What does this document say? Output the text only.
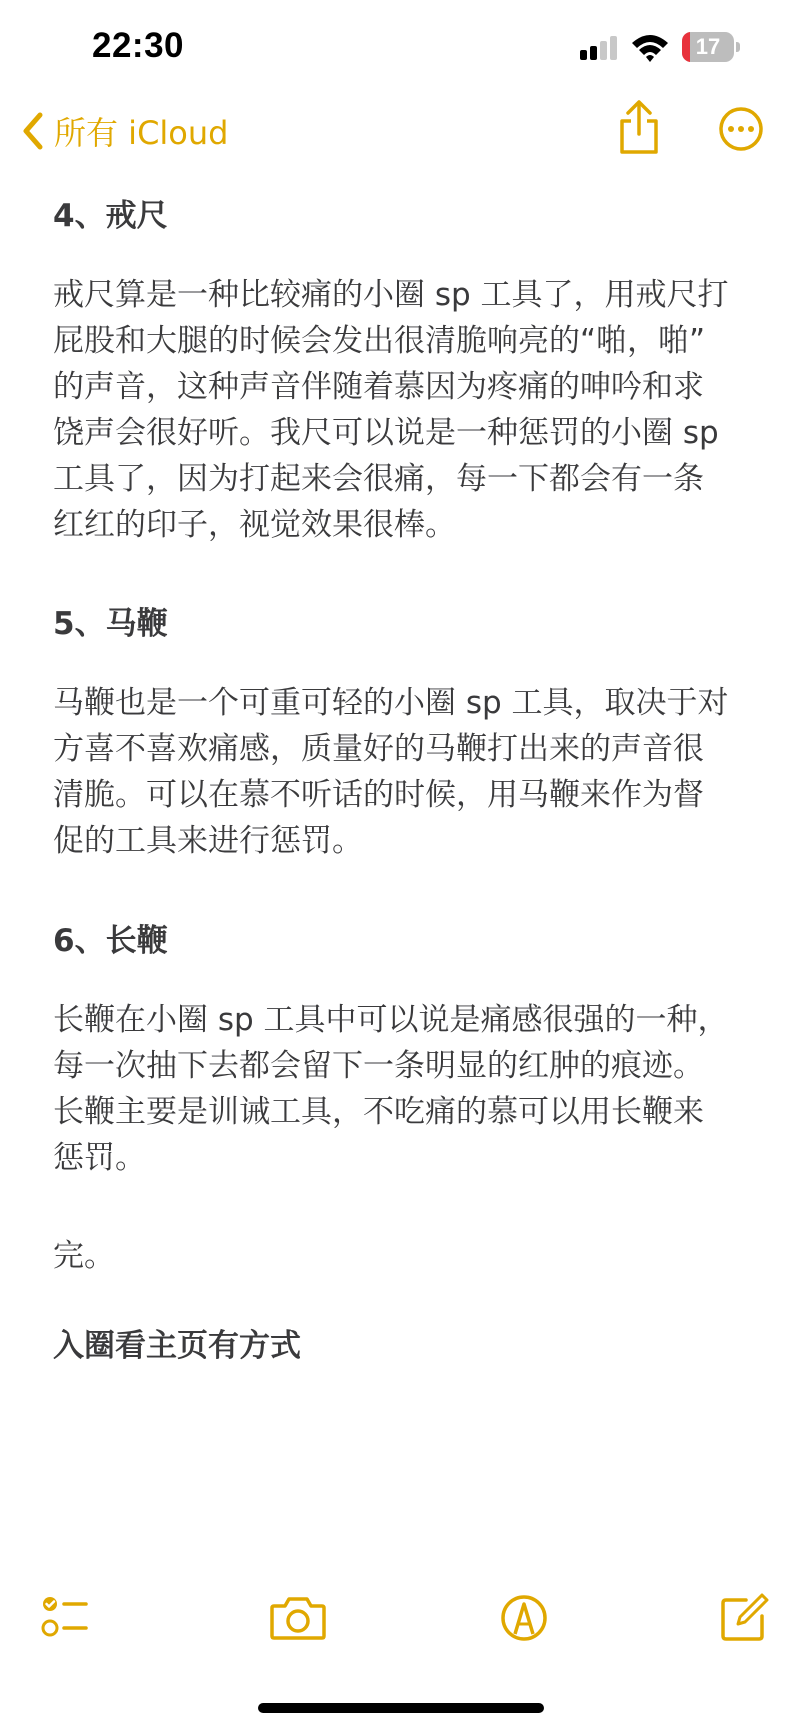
22:30	17
所有 iCloud
4、戒尺

戒尺算是一种比较痛的小圈 sp 工具了，用戒尺打
屁股和大腿的时候会发出很清脆响亮的“啪，啪”
的声音，这种声音伴随着慕因为疼痛的呻吟和求
饶声会很好听。我尺可以说是一种惩罚的小圈 sp
工具了，因为打起来会很痛，每一下都会有一条
红红的印子，视觉效果很棒。

5、马鞭

马鞭也是一个可重可轻的小圈 sp 工具，取决于对
方喜不喜欢痛感，质量好的马鞭打出来的声音很
清脆。可以在慕不听话的时候，用马鞭来作为督
促的工具来进行惩罚。

6、长鞭

长鞭在小圈 sp 工具中可以说是痛感很强的一种，
每一次抽下去都会留下一条明显的红肿的痕迹。
长鞭主要是训诫工具，不吃痛的慕可以用长鞭来
惩罚。

完。

入圈看主页有方式
